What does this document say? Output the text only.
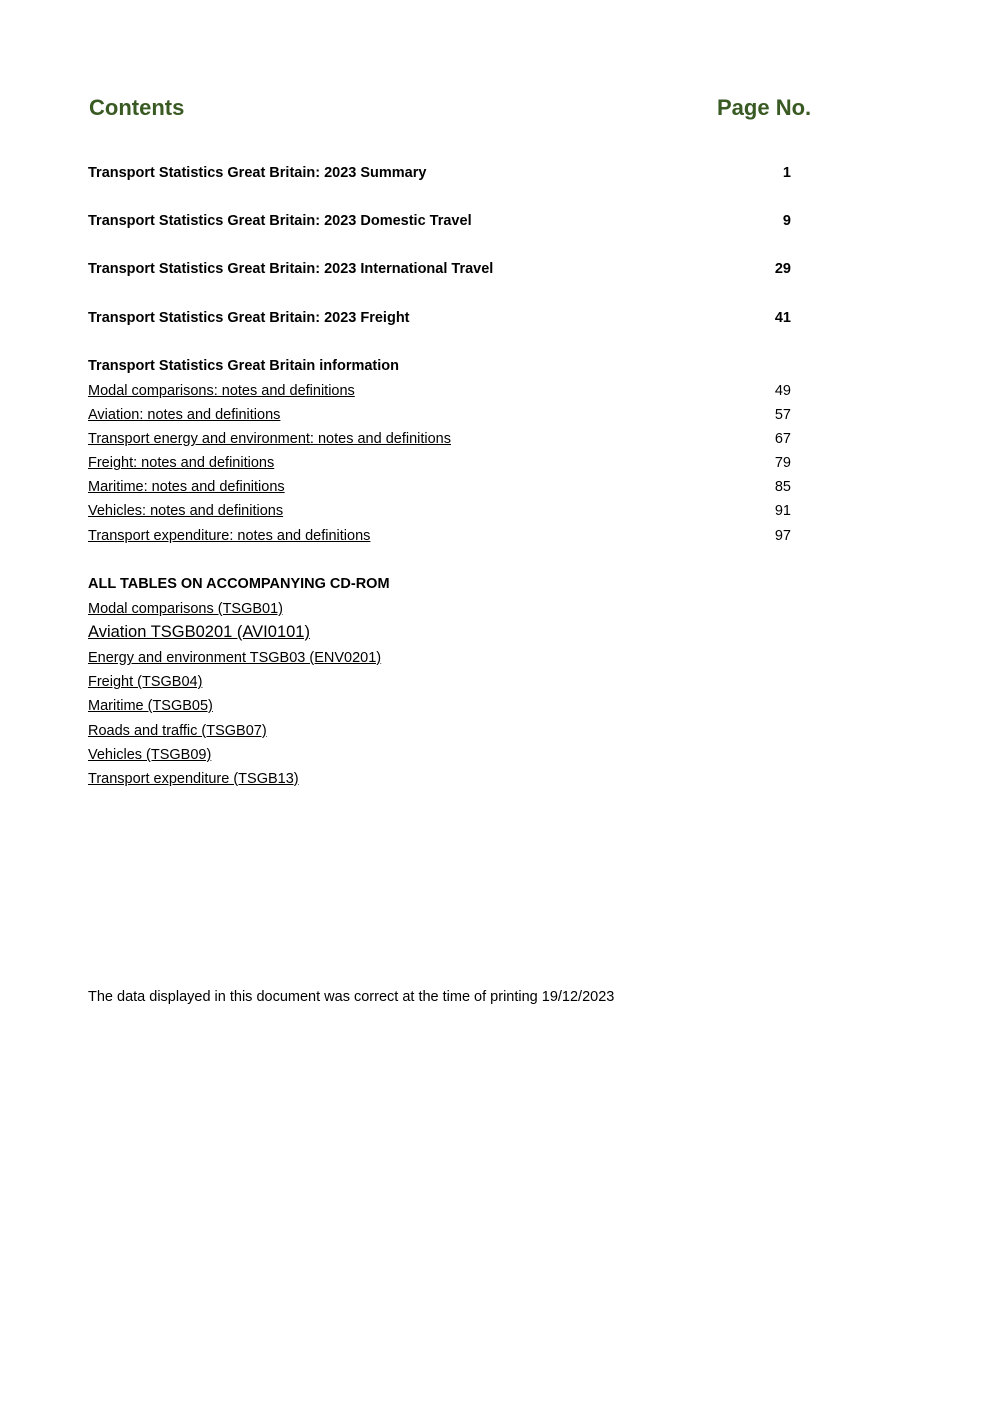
Contents	Page No.
Transport Statistics Great Britain: 2023 Summary	1
Transport Statistics Great Britain: 2023 Domestic Travel	9
Transport Statistics Great Britain: 2023 International Travel	29
Transport Statistics Great Britain: 2023 Freight	41
Transport Statistics Great Britain information
Modal comparisons: notes and definitions	49
Aviation: notes and definitions	57
Transport energy and environment: notes and definitions	67
Freight: notes and definitions	79
Maritime: notes and definitions	85
Vehicles: notes and definitions	91
Transport expenditure: notes and definitions	97
ALL TABLES ON ACCOMPANYING CD-ROM
Modal comparisons (TSGB01)
Aviation TSGB0201 (AVI0101)
Energy and environment TSGB03 (ENV0201)
Freight (TSGB04)
Maritime (TSGB05)
Roads and traffic (TSGB07)
Vehicles (TSGB09)
Transport expenditure (TSGB13)
The data displayed in this document was correct at the time of printing 19/12/2023
